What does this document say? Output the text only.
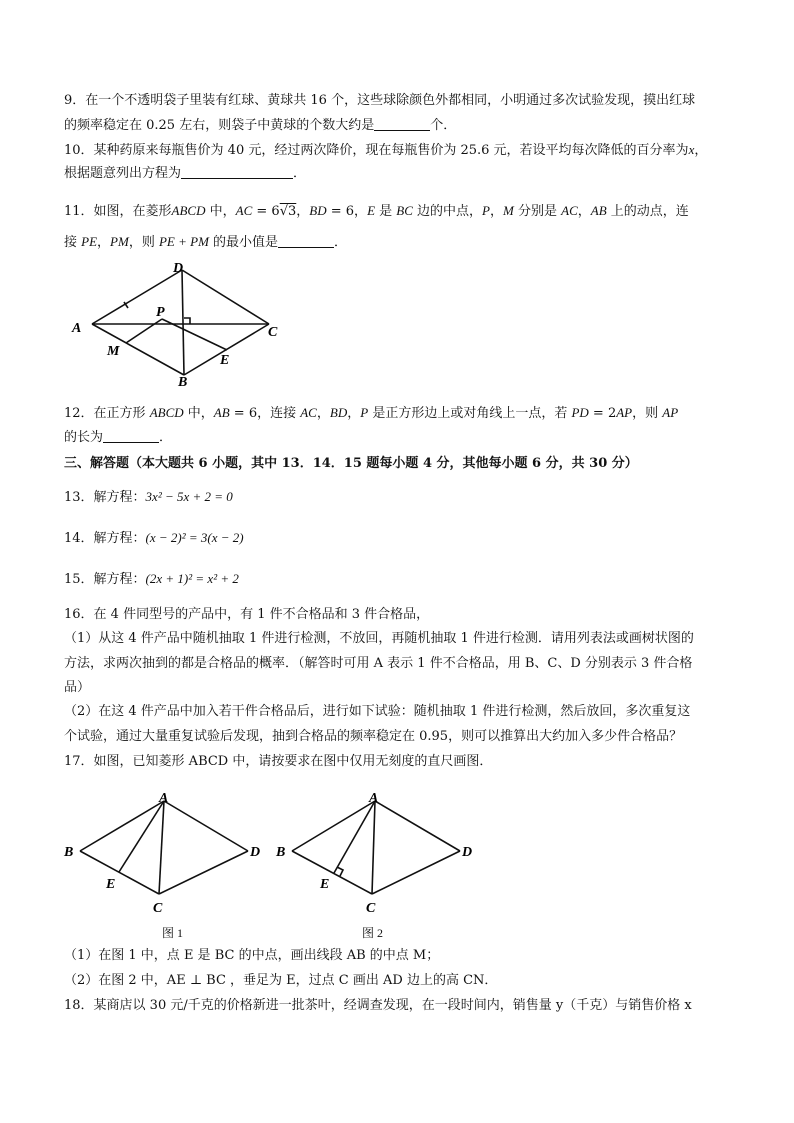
9．在一个不透明袋子里装有红球、黄球共 16 个，这些球除颜色外都相同，小明通过多次试验发现，摸出红球
的频率稳定在 0.25 左右，则袋子中黄球的个数大约是	个．
10．某种药原来每瓶售价为 40 元，经过两次降价，现在每瓶售价为 25.6 元，若设平均每次降低的百分率为x，
根据题意列出方程为	．
11．如图，在菱形ABCD 中，AC = 6√3，BD = 6，E 是 BC 边的中点，P，M 分别是 AC，AB 上的动点，连
接 PE，PM，则 PE + PM 的最小值是	．
D
A	C
B
P
M
E
12．在正方形 ABCD 中，AB = 6，连接 AC，BD，P 是正方形边上或对角线上一点，若 PD = 2AP，则 AP
的长为	．
三、解答题（本大题共 6 小题，其中 13．14．15 题每小题 4 分，其他每小题 6 分，共 30 分）
13．解方程：3x² − 5x + 2 = 0
14．解方程：(x − 2)² = 3(x − 2)
15．解方程：(2x + 1)² = x² + 2
16．在 4 件同型号的产品中，有 1 件不合格品和 3 件合格品，
（1）从这 4 件产品中随机抽取 1 件进行检测，不放回，再随机抽取 1 件进行检测．请用列表法或画树状图的
方法，求两次抽到的都是合格品的概率．（解答时可用 A 表示 1 件不合格品，用 B、C、D 分别表示 3 件合格
品）
（2）在这 4 件产品中加入若干件合格品后，进行如下试验：随机抽取 1 件进行检测，然后放回，多次重复这
个试验，通过大量重复试验后发现，抽到合格品的频率稳定在 0.95，则可以推算出大约加入多少件合格品？
17．如图，已知菱形 ABCD 中，请按要求在图中仅用无刻度的直尺画图．
A
B	D
E
C
图 1
A
B	D
E
C
图 2
（1）在图 1 中，点 E 是 BC 的中点，画出线段 AB 的中点 M；
（2）在图 2 中，AE ⊥ BC ，垂足为 E，过点 C 画出 AD 边上的高 CN．
18．某商店以 30 元/千克的价格新进一批茶叶，经调查发现，在一段时间内，销售量 y（千克）与销售价格 x
